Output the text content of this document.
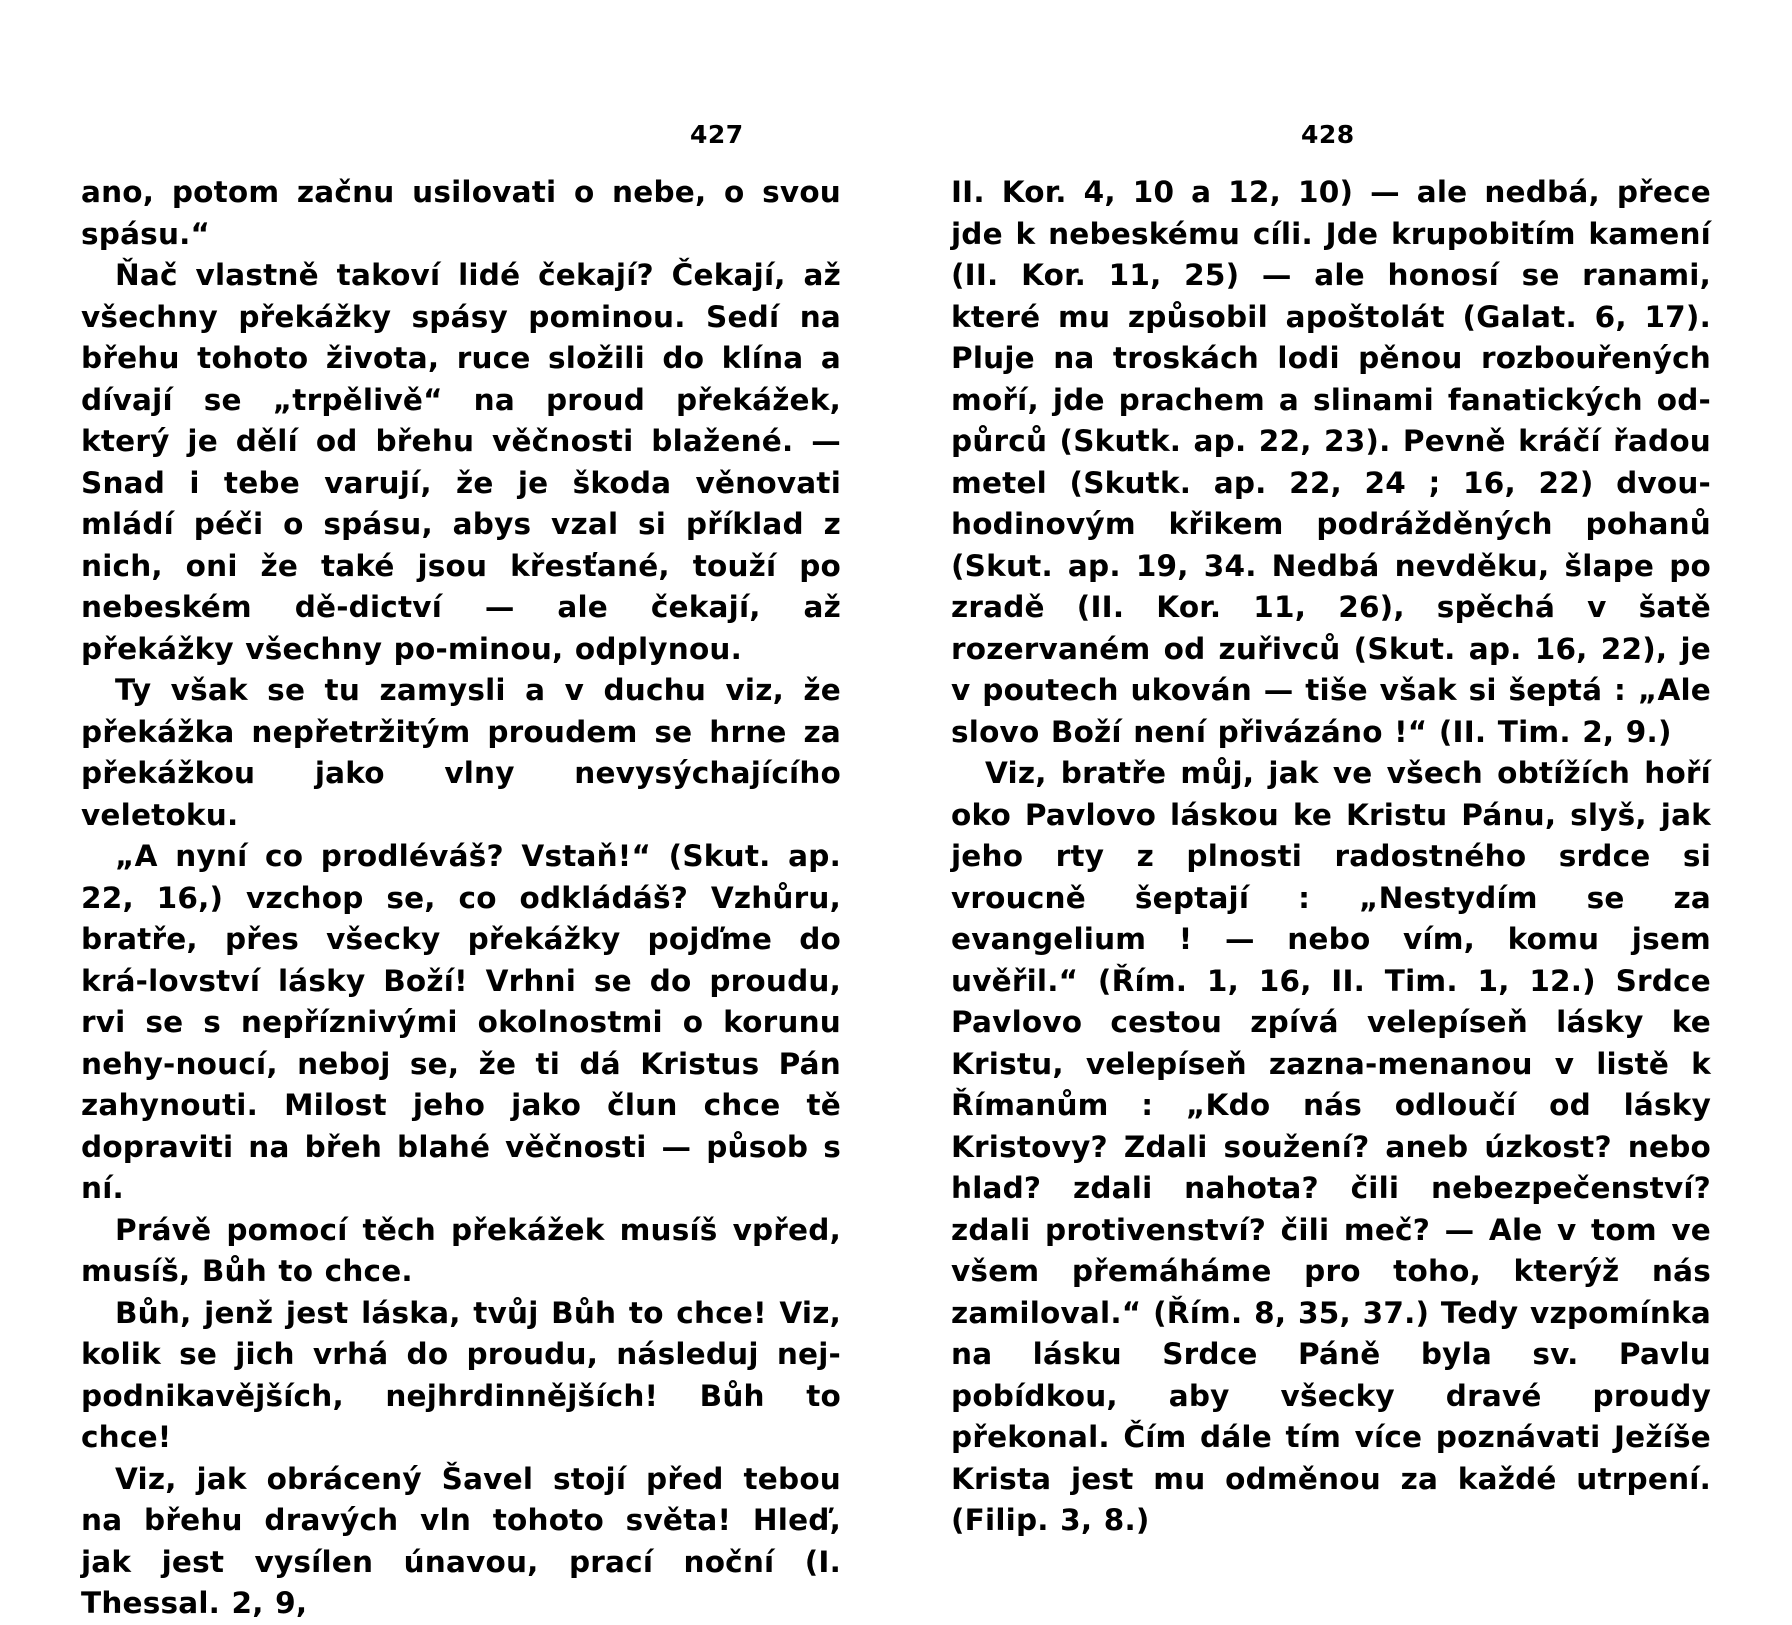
427	428

ano, potom začnu usilovati o nebe, o svou spásu.“

Ňač vlastně takoví lidé čekají? Čekají, až všechny překážky spásy pominou. Sedí na břehu tohoto života, ruce složili do klína a dívají se „trpělivě“ na proud překážek, který je dělí od břehu věčnosti blažené. — Snad i tebe varují, že je škoda věnovati mládí péči o spásu, abys vzal si příklad z nich, oni že také jsou křesťané, touží po nebeském dě-dictví — ale čekají, až překážky všechny po-minou, odplynou.

Ty však se tu zamysli a v duchu viz, že překážka nepřetržitým proudem se hrne za překážkou jako vlny nevysýchajícího veletoku.

„A nyní co prodléváš? Vstaň!“ (Skut. ap. 22, 16,) vzchop se, co odkládáš? Vzhůru, bratře, přes všecky překážky pojďme do krá-lovství lásky Boží! Vrhni se do proudu, rvi se s nepříznivými okolnostmi o korunu nehy-noucí, neboj se, že ti dá Kristus Pán zahynouti. Milost jeho jako člun chce tě dopraviti na břeh blahé věčnosti — působ s ní.

Právě pomocí těch překážek musíš vpřed, musíš, Bůh to chce.

Bůh, jenž jest láska, tvůj Bůh to chce! Viz, kolik se jich vrhá do proudu, následuj nej-podnikavějších, nejhrdinnějších! Bůh to chce!

Viz, jak obrácený Šavel stojí před tebou na břehu dravých vln tohoto světa! Hleď, jak jest vysílen únavou, prací noční (I. Thessal. 2, 9,

II. Kor. 4, 10 a 12, 10) — ale nedbá, přece jde k nebeskému cíli. Jde krupobitím kamení (II. Kor. 11, 25) — ale honosí se ranami, které mu způsobil apoštolát (Galat. 6, 17). Pluje na troskách lodi pěnou rozbouřených moří, jde prachem a slinami fanatických od-půrců (Skutk. ap. 22, 23). Pevně kráčí řadou metel (Skutk. ap. 22, 24 ; 16, 22) dvou-hodinovým křikem podrážděných pohanů (Skut. ap. 19, 34. Nedbá nevděku, šlape po zradě (II. Kor. 11, 26), spěchá v šatě rozervaném od zuřivců (Skut. ap. 16, 22), je v poutech ukován — tiše však si šeptá : „Ale slovo Boží není přivázáno !“ (II. Tim. 2, 9.)

Viz, bratře můj, jak ve všech obtížích hoří oko Pavlovo láskou ke Kristu Pánu, slyš, jak jeho rty z plnosti radostného srdce si vroucně šeptají : „Nestydím se za evangelium ! — nebo vím, komu jsem uvěřil.“ (Řím. 1, 16, II. Tim. 1, 12.) Srdce Pavlovo cestou zpívá velepíseň lásky ke Kristu, velepíseň zazna-menanou v listě k Římanům : „Kdo nás odloučí od lásky Kristovy? Zdali soužení? aneb úzkost? nebo hlad? zdali nahota? čili nebezpečenství? zdali protivenství? čili meč? — Ale v tom ve všem přemáháme pro toho, kterýž nás zamiloval.“ (Řím. 8, 35, 37.) Tedy vzpomínka na lásku Srdce Páně byla sv. Pavlu pobídkou, aby všecky dravé proudy překonal. Čím dále tím více poznávati Ježíše Krista jest mu odměnou za každé utrpení. (Filip. 3, 8.)
